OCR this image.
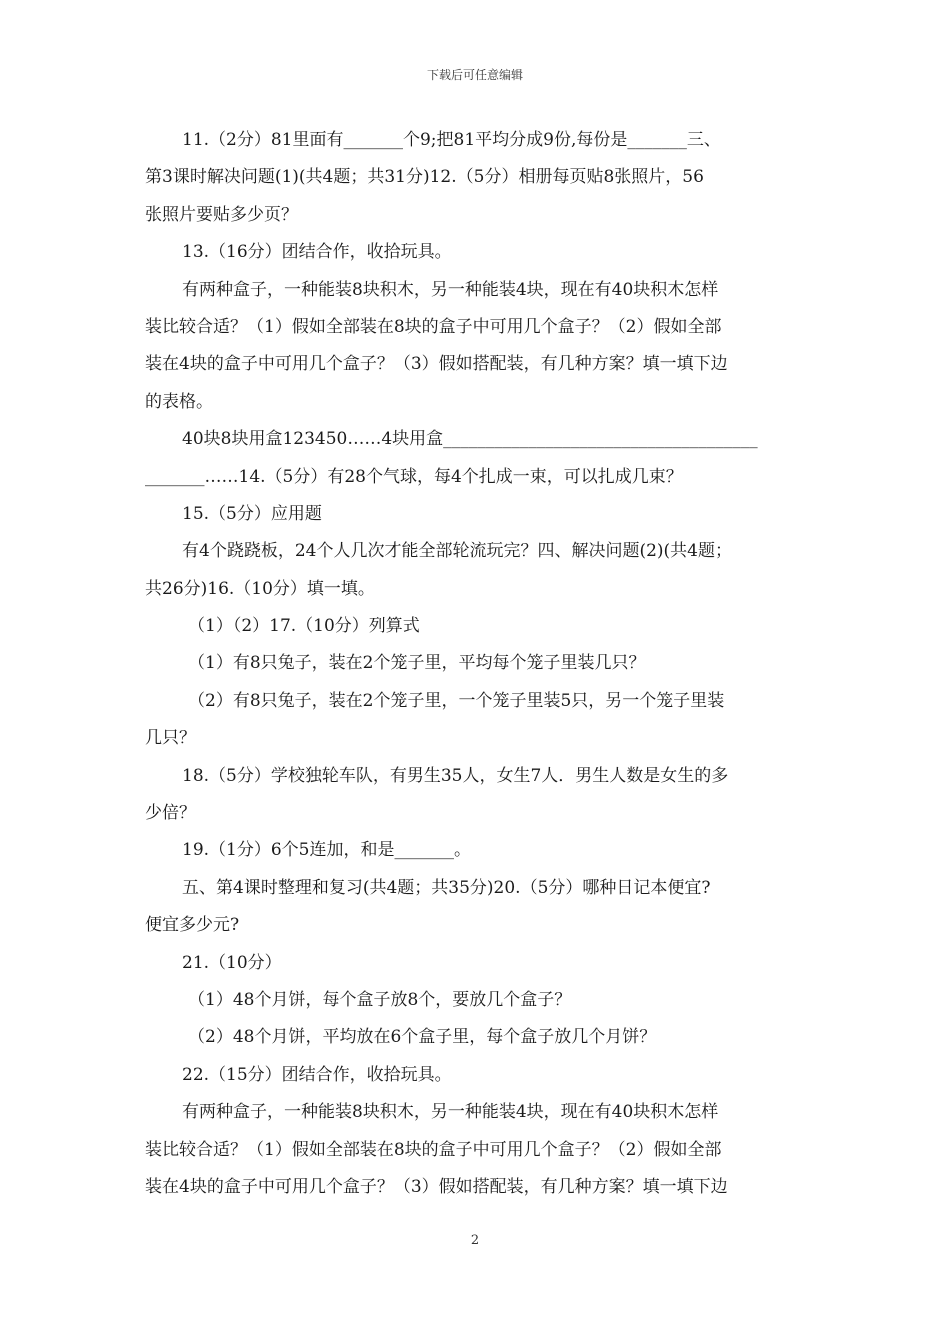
下载后可任意编辑
11.（2分）81里面有_______个9;把81平均分成9份,每份是_______三、
第3课时解决问题(1)(共4题；共31分)12.（5分）相册每页贴8张照片，56
张照片要贴多少页？
13.（16分）团结合作，收拾玩具。
有两种盒子，一种能装8块积木，另一种能装4块，现在有40块积木怎样
装比较合适？（1）假如全部装在8块的盒子中可用几个盒子？（2）假如全部
装在4块的盒子中可用几个盒子？（3）假如搭配装，有几种方案？填一填下边
的表格。
40块8块用盒123450……4块用盒_____________________________________
_______……14.（5分）有28个气球，每4个扎成一束，可以扎成几束？
15.（5分）应用题
有4个跷跷板，24个人几次才能全部轮流玩完？四、解决问题(2)(共4题；
共26分)16.（10分）填一填。
（1）（2）17.（10分）列算式
（1）有8只兔子，装在2个笼子里，平均每个笼子里装几只？
（2）有8只兔子，装在2个笼子里，一个笼子里装5只，另一个笼子里装
几只？
18.（5分）学校独轮车队，有男生35人，女生7人．男生人数是女生的多
少倍？
19.（1分）6个5连加，和是_______。
五、第4课时整理和复习(共4题；共35分)20.（5分）哪种日记本便宜?
便宜多少元?
21.（10分）
（1）48个月饼，每个盒子放8个，要放几个盒子？
（2）48个月饼，平均放在6个盒子里，每个盒子放几个月饼？
22.（15分）团结合作，收拾玩具。
有两种盒子，一种能装8块积木，另一种能装4块，现在有40块积木怎样
装比较合适？（1）假如全部装在8块的盒子中可用几个盒子？（2）假如全部
装在4块的盒子中可用几个盒子？（3）假如搭配装，有几种方案？填一填下边
2
